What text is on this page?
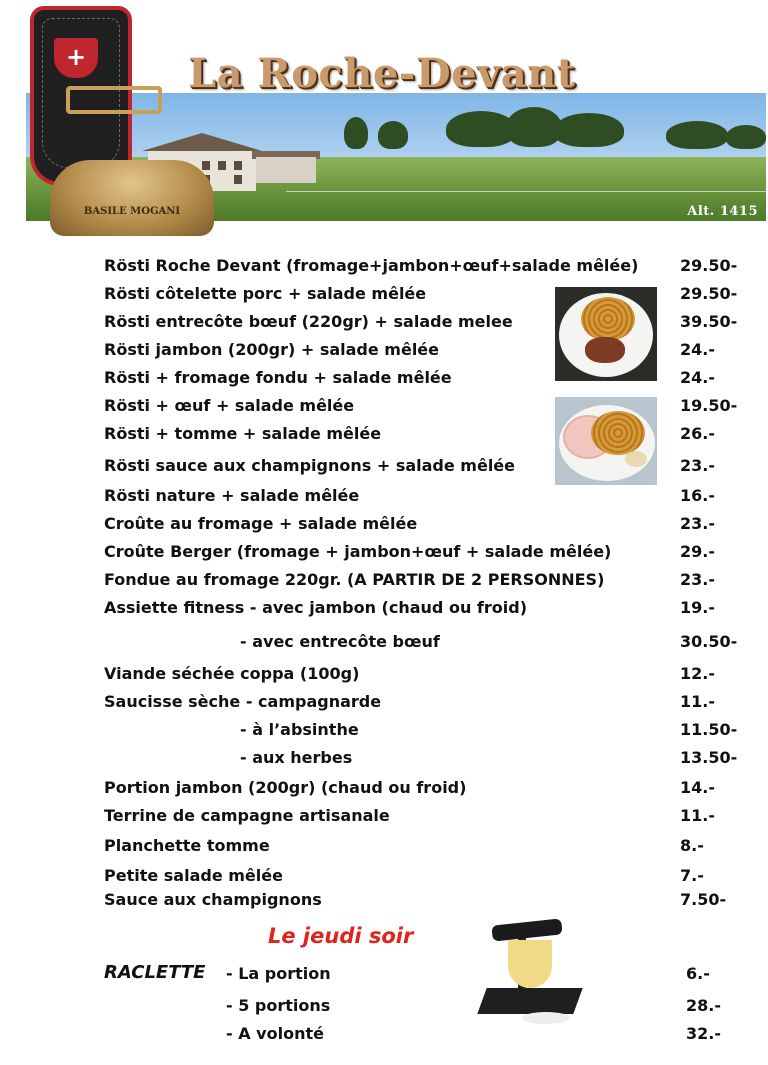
Alt. 1415
+
BASILE MOGANI
La Roche-Devant
Rösti Roche Devant (fromage+jambon+œuf+salade mêlée)	29.50-
Rösti côtelette porc + salade mêlée	29.50-
Rösti entrecôte bœuf (220gr) + salade melee	39.50-
Rösti jambon (200gr) + salade mêlée	24.-
Rösti + fromage fondu + salade mêlée	24.-
Rösti + œuf + salade mêlée	19.50-
Rösti + tomme + salade mêlée	26.-
Rösti sauce aux champignons + salade mêlée	23.-
Rösti nature + salade mêlée	16.-
Croûte au fromage + salade mêlée	23.-
Croûte Berger (fromage + jambon+œuf + salade mêlée)	29.-
Fondue au fromage 220gr. (A PARTIR DE 2 PERSONNES)	23.-
Assiette fitness - avec jambon (chaud ou froid)	19.-
- avec entrecôte bœuf	30.50-
Viande séchée coppa (100g)	12.-
Saucisse sèche - campagnarde	11.-
- à l’absinthe	11.50-
- aux herbes	13.50-
Portion jambon (200gr) (chaud ou froid)	14.-
Terrine de campagne artisanale	11.-
Planchette tomme	8.-
Petite salade mêlée	7.-
Sauce aux champignons	7.50-
Le jeudi soir
RACLETTE - La portion	6.-
- 5 portions	28.-
- A volonté	32.-
